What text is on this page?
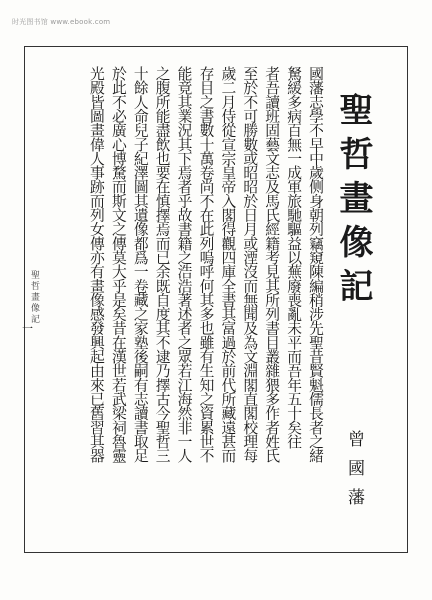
时光图书馆 www.ebook.com
聖哲畫像記
曾國藩
國藩志學不早中歲侧身朝列竊窺陳編稍涉先聖昔賢魁儒長者之緒
駑緩多病百無一成軍旅馳驅益以蕪廢喪亂未平而吾年五十矣往
者吾讀班固藝文志及馬氏經籍考見其所列書目叢雜猥多作者姓氏
至於不可勝數或昭昭於日月或湮沒而無聞及為文淵閣直閣校理每
歲二月侍從宣宗皇帝入閣得觀四庫全書其富過於前代所藏遠甚而
存目之書數十萬卷尚不在此列嗚呼何其多也雖有生知之資累世不
能竟其業況其下焉者乎故書籍之浩浩著述者之眾若江海然非一人
之腹所能盡飲也要在慎擇焉而已余既自度其不逮乃擇古今聖哲三
十餘人命兒子紀澤圖其遺像都爲一卷藏之家塾後嗣有志讀書取足
於此不必廣心博騖而斯文之傳莫大乎是矣昔在漢世若武梁祠魯靈
光殿皆圖畫偉人事跡而列女傳亦有畫像感發興起由來已舊習其器
聖哲畫像記
一
